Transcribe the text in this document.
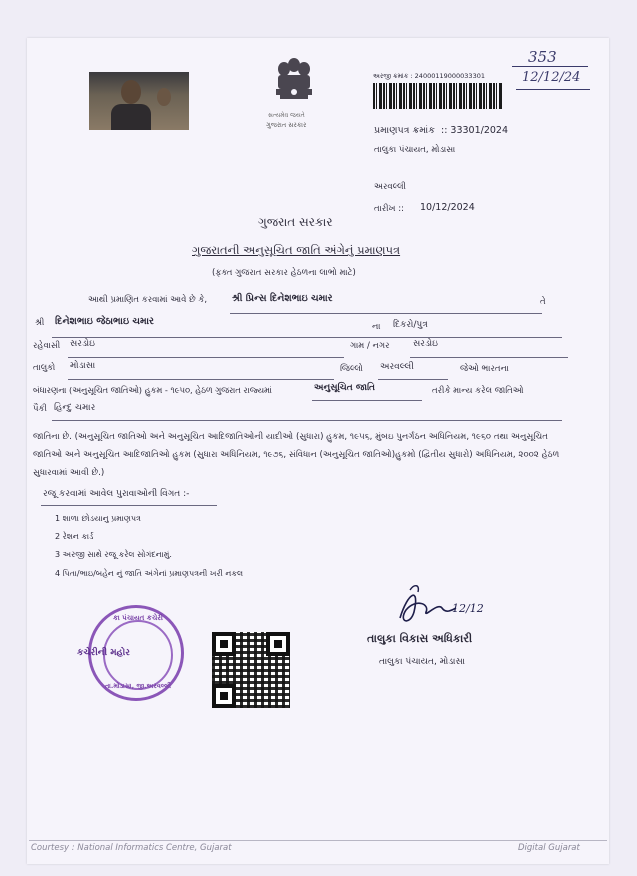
સત્યમેવ જયતે
ગુજરાત સરકાર
353
12/12/24
અરજી ક્રમાંક : 24000119000033301
પ્રમાણપત્ર ક્રમાંક :: 33301/2024
તાલુકા પંચાયત, મોડાસા
અરવલ્લી
તારીખ :: 10/12/2024
ગુજરાત સરકાર
ગુજરાતની અનુસૂચિત જાતિ અંગેનું પ્રમાણપત્ર
(ફક્ત ગુજરાત સરકાર હેઠળના લાભો માટે)
આથી પ્રમાણિત કરવામાં આવે છે કે,	શ્રી પ્રિન્સ દિનેશભાઇ ચમાર	તે
શ્રી દિનેશભાઇ જેઠાભાઇ ચમાર	ના દિકરો/પુત્ર
રહેવાસી સરડોઇ	ગામ / નગર	સરડોઇ
તાલુકો મોડાસા	જિલ્લો અરવલ્લી	જેઓ ભારતના
બંધારણના (અનુસૂચિત જાતિઓ) હુકમ - ૧૯૫૦, હેઠળ ગુજરાત રાજ્યમાં	અનુસૂચિત જાતિ	તરીકે માન્ય કરેલ જાતિઓ
પૈકી હિન્દુ ચમાર
જાતિના છે. (અનુસૂચિત જાતિઓ અને અનુસૂચિત આદિજાતિઓની યાદીઓ (સુધારા) હુકમ, ૧૯૫૬, મુંબઇ પુનર્ગઠન અધિનિયમ, ૧૯૬૦ તથા અનુસૂચિત જાતિઓ અને અનુસૂચિત આદિજાતિઓ હુકમ (સુધારા અધિનિયમ, ૧૯૭૬, સંવિધાન (અનુસૂચિત જાતિઓ)હુકમો (દ્વિતીય સુધારો) અધિનિયમ, ૨૦૦૨ હેઠળ સુધારવામાં આવી છે.)
રજૂ કરવામાં આવેલ પુરાવાઓની વિગત :-
1 શાળા છોડયાનુ પ્રમાણપત્ર
2 રેશન કાર્ડ
3 અરજી સાથે રજૂ કરેલ સોગંદનામું.
4 પિતા/ભાઇ/બહેન નું જાતિ અંગેનાં પ્રમાણપત્રની ખરી નકલ
કા પંચાયત કચેરી
કચેરીની મહોર
તા.મોડાસા, જી.અરવલ્લી
12/12
તાલુકા વિકાસ અધિકારી
તાલુકા પંચાયત, મોડાસા
Courtesy : National Informatics Centre, Gujarat	Digital Gujarat
